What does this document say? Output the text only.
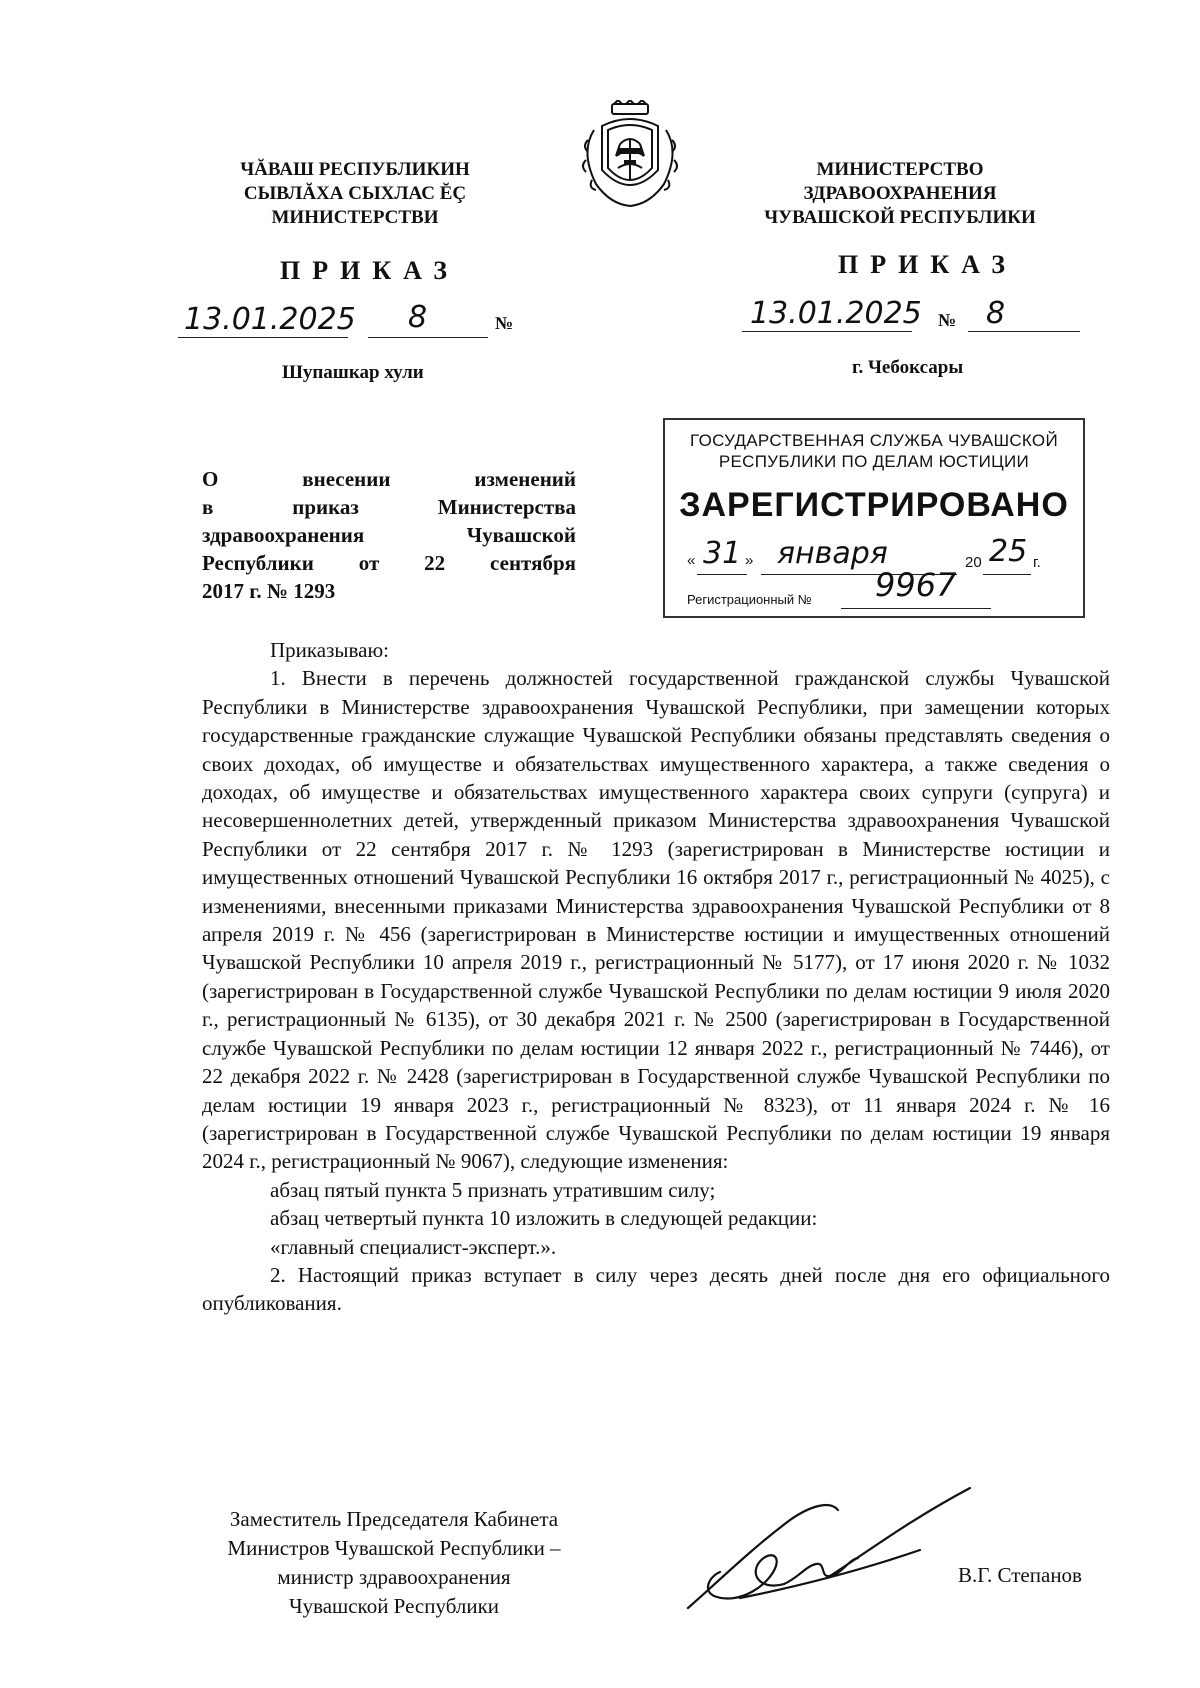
ЧĂВАШ РЕСПУБЛИКИН
СЫВЛĂХА СЫХЛАС ĔÇ
МИНИСТЕРСТВИ
МИНИСТЕРСТВО
ЗДРАВООХРАНЕНИЯ
ЧУВАШСКОЙ РЕСПУБЛИКИ
ПРИКАЗ	ПРИКАЗ
13.01.2025 8	№	13.01.2025 № 8
Шупашкар хули	г. Чебоксары
О внесении изменений
в приказ Министерства
здравоохранения Чувашской
Республики от 22 сентября
2017 г. № 1293
ГОСУДАРСТВЕННАЯ СЛУЖБА ЧУВАШСКОЙ
РЕСПУБЛИКИ ПО ДЕЛАМ ЮСТИЦИИ
ЗАРЕГИСТРИРОВАНО
« 31 » января	20 25 г.
Регистрационный № 9967

Приказываю:

1. Внести в перечень должностей государственной гражданской службы Чувашской Республики в Министерстве здравоохранения Чувашской Республики, при замещении которых государственные гражданские служащие Чувашской Республики обязаны представлять сведения о своих доходах, об имуществе и обязательствах имущественного характера, а также сведения о доходах, об имуществе и обязательствах имущественного характера своих супруги (супруга) и несовершеннолетних детей, утвержденный приказом Министерства здравоохранения Чувашской Республики от 22 сентября 2017 г. № 1293 (зарегистрирован в Министерстве юстиции и имущественных отношений Чувашской Республики 16 октября 2017 г., регистрационный № 4025), с изменениями, внесенными приказами Министерства здравоохранения Чувашской Республики от 8 апреля 2019 г. № 456 (зарегистрирован в Министерстве юстиции и имущественных отношений Чувашской Республики 10 апреля 2019 г., регистрационный № 5177), от 17 июня 2020 г. № 1032 (зарегистрирован в Государственной службе Чувашской Республики по делам юстиции 9 июля 2020 г., регистрационный № 6135), от 30 декабря 2021 г. № 2500 (зарегистрирован в Государственной службе Чувашской Республики по делам юстиции 12 января 2022 г., регистрационный № 7446), от 22 декабря 2022 г. № 2428 (зарегистрирован в Государственной службе Чувашской Республики по делам юстиции 19 января 2023 г., регистрационный № 8323), от 11 января 2024 г. № 16 (зарегистрирован в Государственной службе Чувашской Республики по делам юстиции 19 января 2024 г., регистрационный № 9067), следующие изменения:

абзац пятый пункта 5 признать утратившим силу;

абзац четвертый пункта 10 изложить в следующей редакции:

«главный специалист-эксперт.».

2. Настоящий приказ вступает в силу через десять дней после дня его официального опубликования.

Заместитель Председателя Кабинета
Министров Чувашской Республики –
министр здравоохранения
Чувашской Республики
В.Г. Степанов
